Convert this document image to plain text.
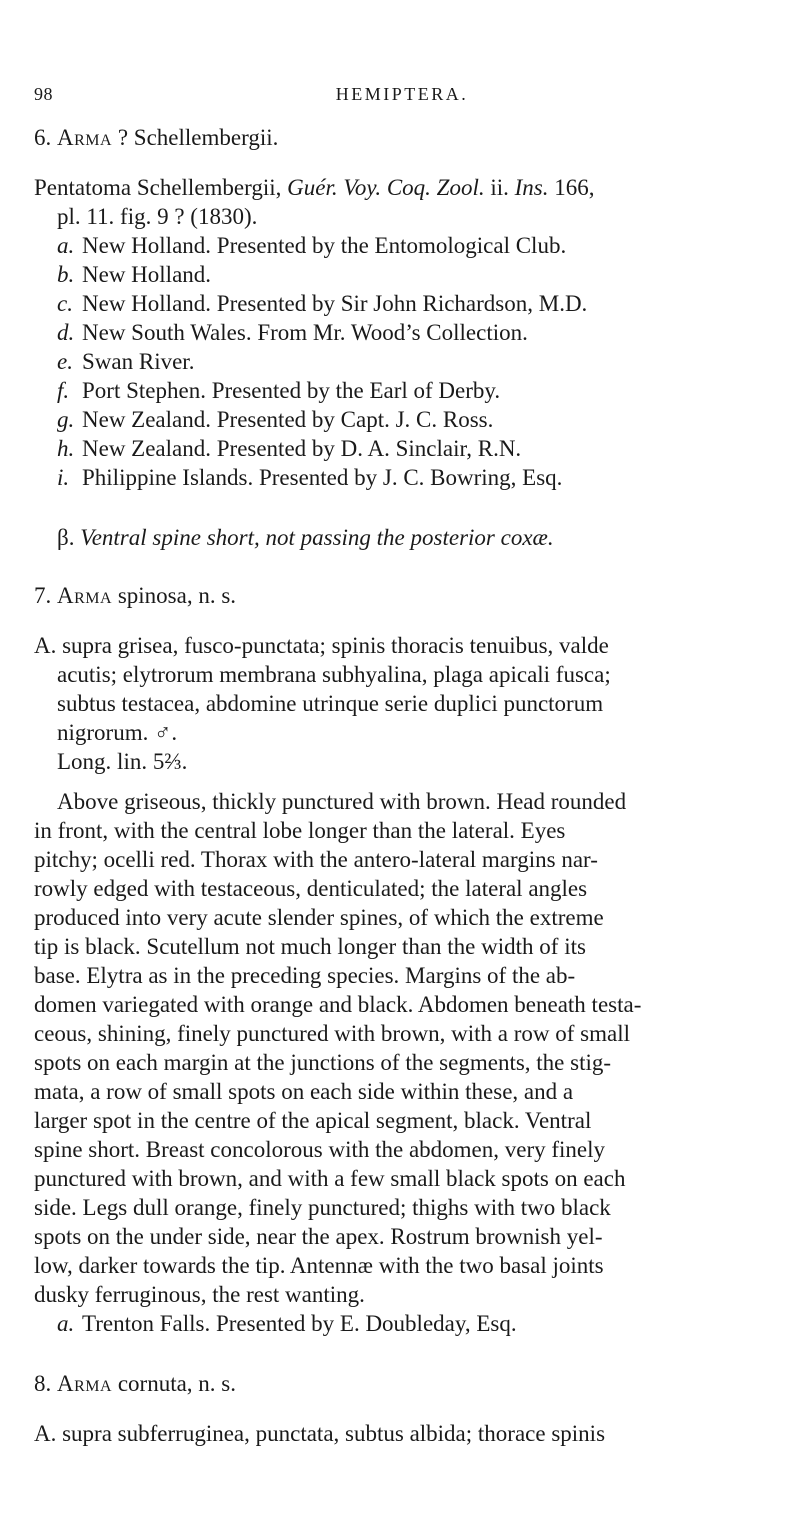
98	HEMIPTERA.
6. Arma ? Schellembergii.
Pentatoma Schellembergii, Guér. Voy. Coq. Zool. ii. Ins. 166,
pl. 11. fig. 9 ? (1830).
a. New Holland. Presented by the Entomological Club.
b. New Holland.
c. New Holland. Presented by Sir John Richardson, M.D.
d. New South Wales. From Mr. Wood’s Collection.
e. Swan River.
f. Port Stephen. Presented by the Earl of Derby.
g. New Zealand. Presented by Capt. J. C. Ross.
h. New Zealand. Presented by D. A. Sinclair, R.N.
i. Philippine Islands. Presented by J. C. Bowring, Esq.
β. Ventral spine short, not passing the posterior coxæ.
7. Arma spinosa, n. s.
A. supra grisea, fusco-punctata; spinis thoracis tenuibus, valde
acutis; elytrorum membrana subhyalina, plaga apicali fusca;
subtus testacea, abdomine utrinque serie duplici punctorum
nigrorum. ♂.
Long. lin. 5⅔.
Above griseous, thickly punctured with brown. Head rounded
in front, with the central lobe longer than the lateral. Eyes
pitchy; ocelli red. Thorax with the antero-lateral margins nar-
rowly edged with testaceous, denticulated; the lateral angles
produced into very acute slender spines, of which the extreme
tip is black. Scutellum not much longer than the width of its
base. Elytra as in the preceding species. Margins of the ab-
domen variegated with orange and black. Abdomen beneath testa-
ceous, shining, finely punctured with brown, with a row of small
spots on each margin at the junctions of the segments, the stig-
mata, a row of small spots on each side within these, and a
larger spot in the centre of the apical segment, black. Ventral
spine short. Breast concolorous with the abdomen, very finely
punctured with brown, and with a few small black spots on each
side. Legs dull orange, finely punctured; thighs with two black
spots on the under side, near the apex. Rostrum brownish yel-
low, darker towards the tip. Antennæ with the two basal joints
dusky ferruginous, the rest wanting.
a. Trenton Falls. Presented by E. Doubleday, Esq.
8. Arma cornuta, n. s.
A. supra subferruginea, punctata, subtus albida; thorace spinis
